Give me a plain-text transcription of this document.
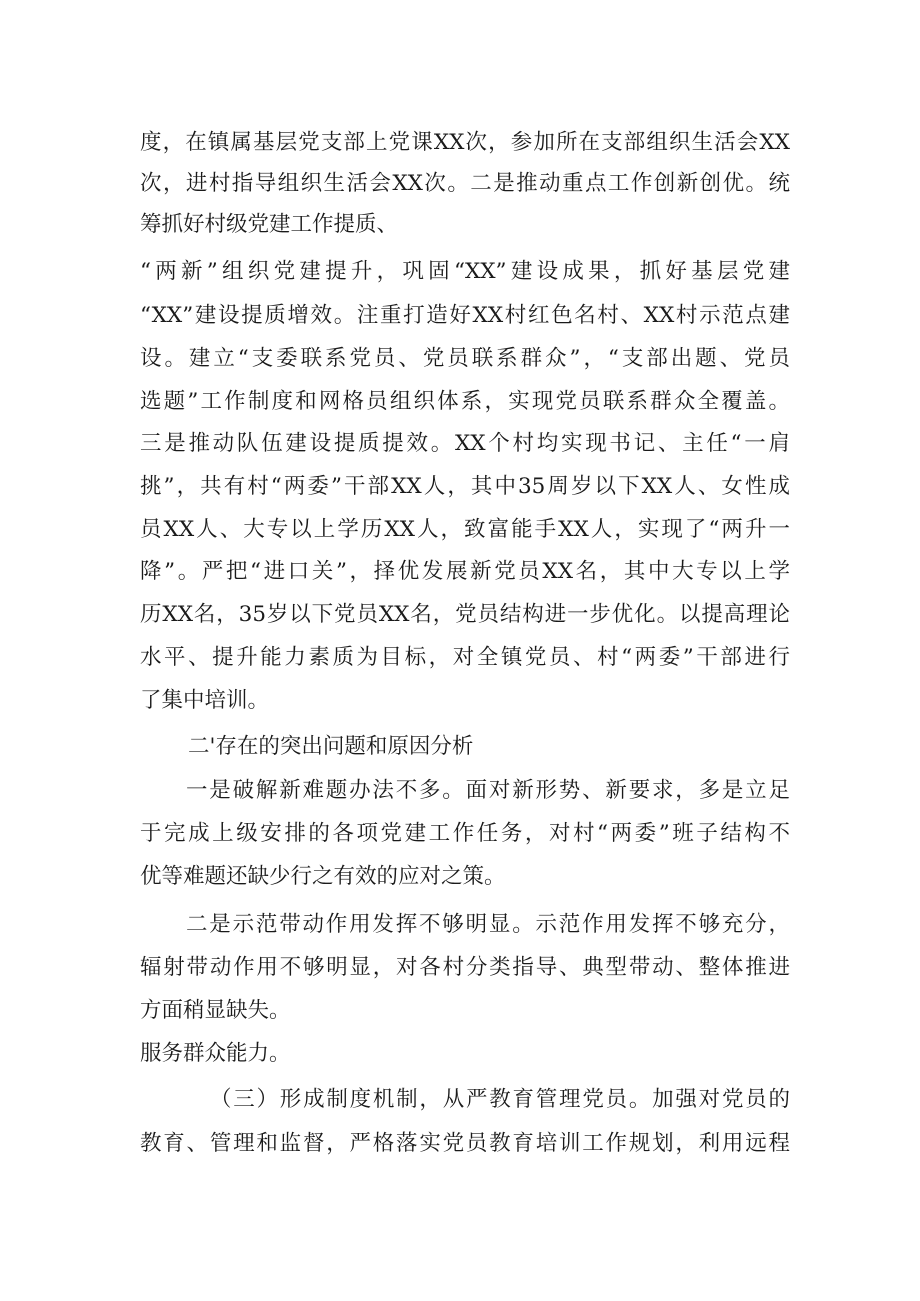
度，在镇属基层党支部上党课XX次，参加所在支部组织生活会XX
次，进村指导组织生活会XX次。二是推动重点工作创新创优。统
筹抓好村级党建工作提质、
“两新”组织党建提升，巩固“XX”建设成果，抓好基层党建
“XX”建设提质增效。注重打造好XX村红色名村、XX村示范点建
设。建立“支委联系党员、党员联系群众”，“支部出题、党员
选题”工作制度和网格员组织体系，实现党员联系群众全覆盖。
三是推动队伍建设提质提效。XX个村均实现书记、主任“一肩
挑”，共有村“两委”干部XX人，其中35周岁以下XX人、女性成
员XX人、大专以上学历XX人，致富能手XX人，实现了“两升一
降”。严把“进口关”，择优发展新党员XX名，其中大专以上学
历XX名，35岁以下党员XX名，党员结构进一步优化。以提高理论
水平、提升能力素质为目标，对全镇党员、村“两委”干部进行
了集中培训。
二'存在的突出问题和原因分析
一是破解新难题办法不多。面对新形势、新要求，多是立足
于完成上级安排的各项党建工作任务，对村“两委”班子结构不
优等难题还缺少行之有效的应对之策。
二是示范带动作用发挥不够明显。示范作用发挥不够充分，
辐射带动作用不够明显，对各村分类指导、典型带动、整体推进
方面稍显缺失。
服务群众能力。
（三）形成制度机制，从严教育管理党员。加强对党员的
教育、管理和监督，严格落实党员教育培训工作规划，利用远程
